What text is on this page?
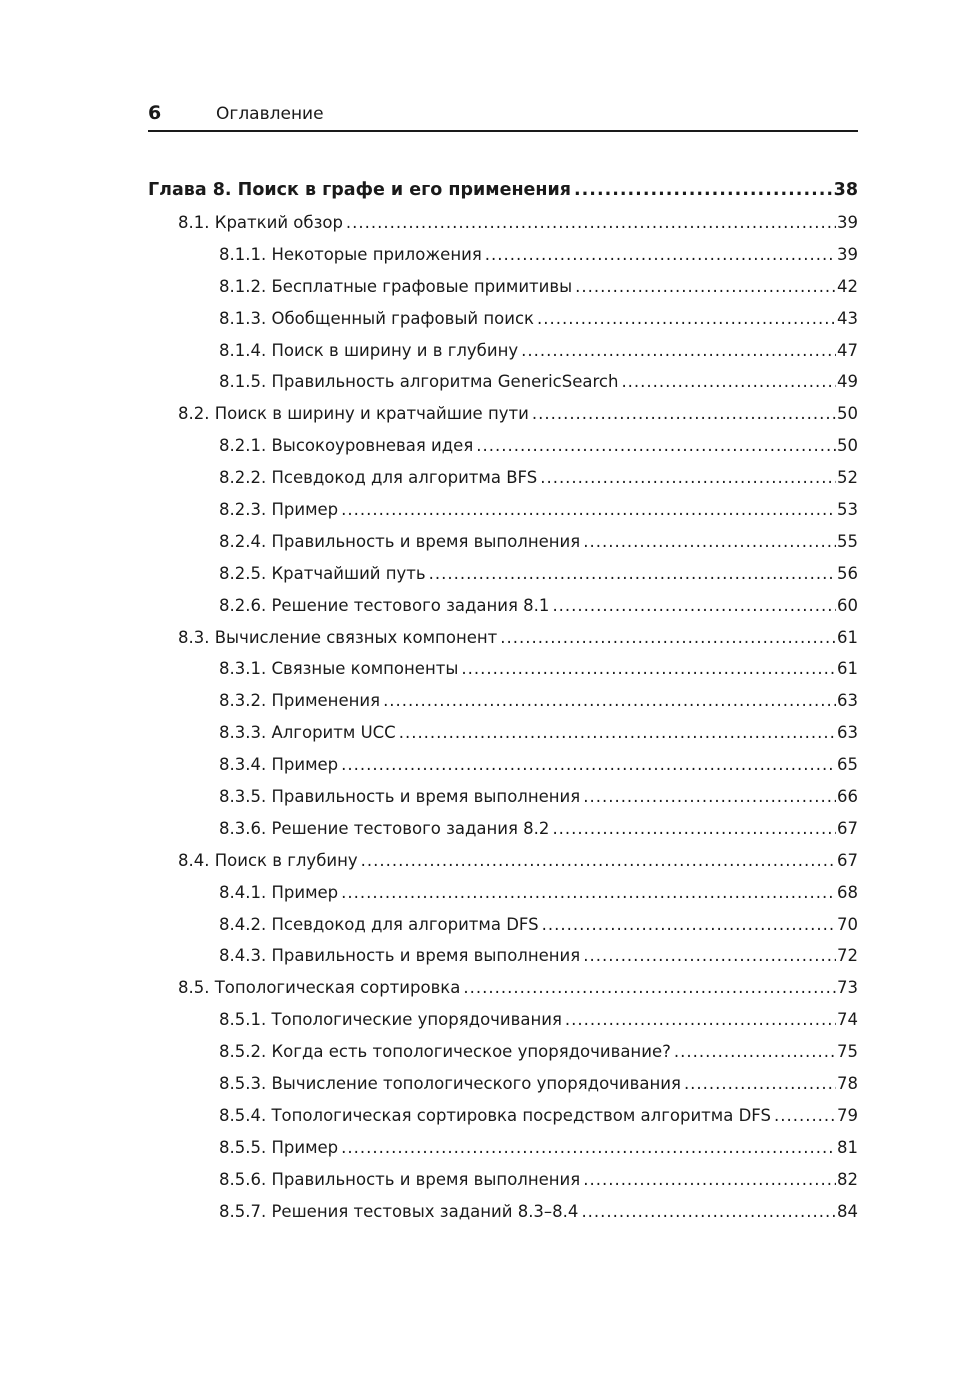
6	Оглавление
Глава 8. Поиск в графе и его применения .....	38
8.1. Краткий обзор .....	39
8.1.1. Некоторые приложения .....	39
8.1.2. Бесплатные графовые примитивы .....	42
8.1.3. Обобщенный графовый поиск .....	43
8.1.4. Поиск в ширину и в глубину .....	47
8.1.5. Правильность алгоритма GenericSearch .....	49
8.2. Поиск в ширину и кратчайшие пути .....	50
8.2.1. Высокоуровневая идея .....	50
8.2.2. Псевдокод для алгоритма BFS .....	52
8.2.3. Пример .....	53
8.2.4. Правильность и время выполнения .....	55
8.2.5. Кратчайший путь .....	56
8.2.6. Решение тестового задания 8.1 .....	60
8.3. Вычисление связных компонент .....	61
8.3.1. Связные компоненты .....	61
8.3.2. Применения .....	63
8.3.3. Алгоритм UCC .....	63
8.3.4. Пример .....	65
8.3.5. Правильность и время выполнения .....	66
8.3.6. Решение тестового задания 8.2 .....	67
8.4. Поиск в глубину .....	67
8.4.1. Пример .....	68
8.4.2. Псевдокод для алгоритма DFS .....	70
8.4.3. Правильность и время выполнения .....	72
8.5. Топологическая сортировка .....	73
8.5.1. Топологические упорядочивания .....	74
8.5.2. Когда есть топологическое упорядочивание? .....	75
8.5.3. Вычисление топологического упорядочивания .....	78
8.5.4. Топологическая сортировка посредством алгоритма DFS .....	79
8.5.5. Пример .....	81
8.5.6. Правильность и время выполнения .....	82
8.5.7. Решения тестовых заданий 8.3–8.4 .....	84
